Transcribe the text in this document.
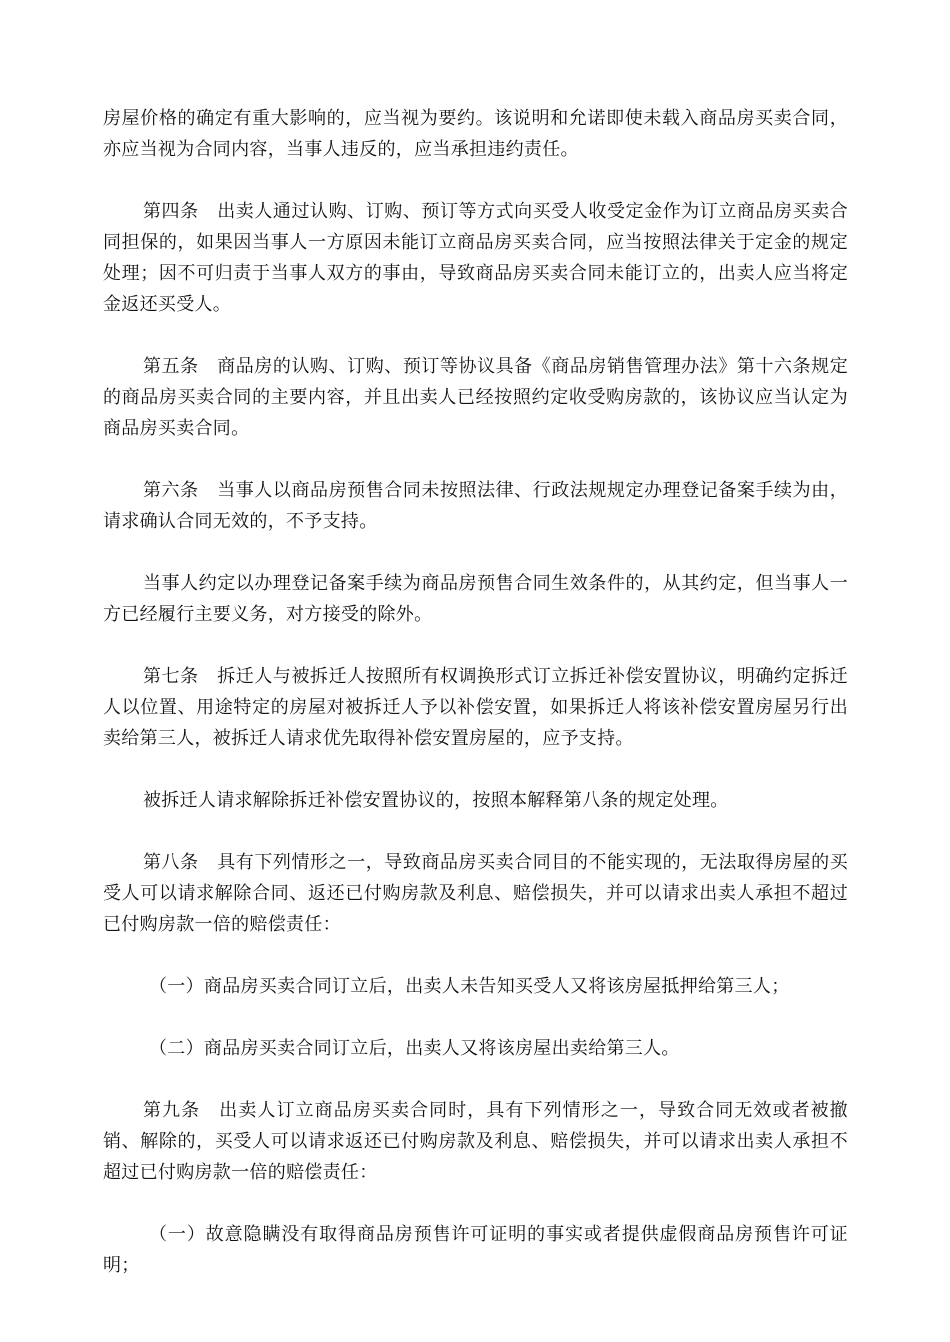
房屋价格的确定有重大影响的，应当视为要约。该说明和允诺即使未载入商品房买卖合同，亦应当视为合同内容，当事人违反的，应当承担违约责任。

第四条　出卖人通过认购、订购、预订等方式向买受人收受定金作为订立商品房买卖合同担保的，如果因当事人一方原因未能订立商品房买卖合同，应当按照法律关于定金的规定处理；因不可归责于当事人双方的事由，导致商品房买卖合同未能订立的，出卖人应当将定金返还买受人。

第五条　商品房的认购、订购、预订等协议具备《商品房销售管理办法》第十六条规定的商品房买卖合同的主要内容，并且出卖人已经按照约定收受购房款的，该协议应当认定为商品房买卖合同。

第六条　当事人以商品房预售合同未按照法律、行政法规规定办理登记备案手续为由，请求确认合同无效的，不予支持。

当事人约定以办理登记备案手续为商品房预售合同生效条件的，从其约定，但当事人一方已经履行主要义务，对方接受的除外。

第七条　拆迁人与被拆迁人按照所有权调换形式订立拆迁补偿安置协议，明确约定拆迁人以位置、用途特定的房屋对被拆迁人予以补偿安置，如果拆迁人将该补偿安置房屋另行出卖给第三人，被拆迁人请求优先取得补偿安置房屋的，应予支持。

被拆迁人请求解除拆迁补偿安置协议的，按照本解释第八条的规定处理。

第八条　具有下列情形之一，导致商品房买卖合同目的不能实现的，无法取得房屋的买受人可以请求解除合同、返还已付购房款及利息、赔偿损失，并可以请求出卖人承担不超过已付购房款一倍的赔偿责任：

（一）商品房买卖合同订立后，出卖人未告知买受人又将该房屋抵押给第三人；

（二）商品房买卖合同订立后，出卖人又将该房屋出卖给第三人。

第九条　出卖人订立商品房买卖合同时，具有下列情形之一，导致合同无效或者被撤销、解除的，买受人可以请求返还已付购房款及利息、赔偿损失，并可以请求出卖人承担不超过已付购房款一倍的赔偿责任：

（一）故意隐瞒没有取得商品房预售许可证明的事实或者提供虚假商品房预售许可证明；
